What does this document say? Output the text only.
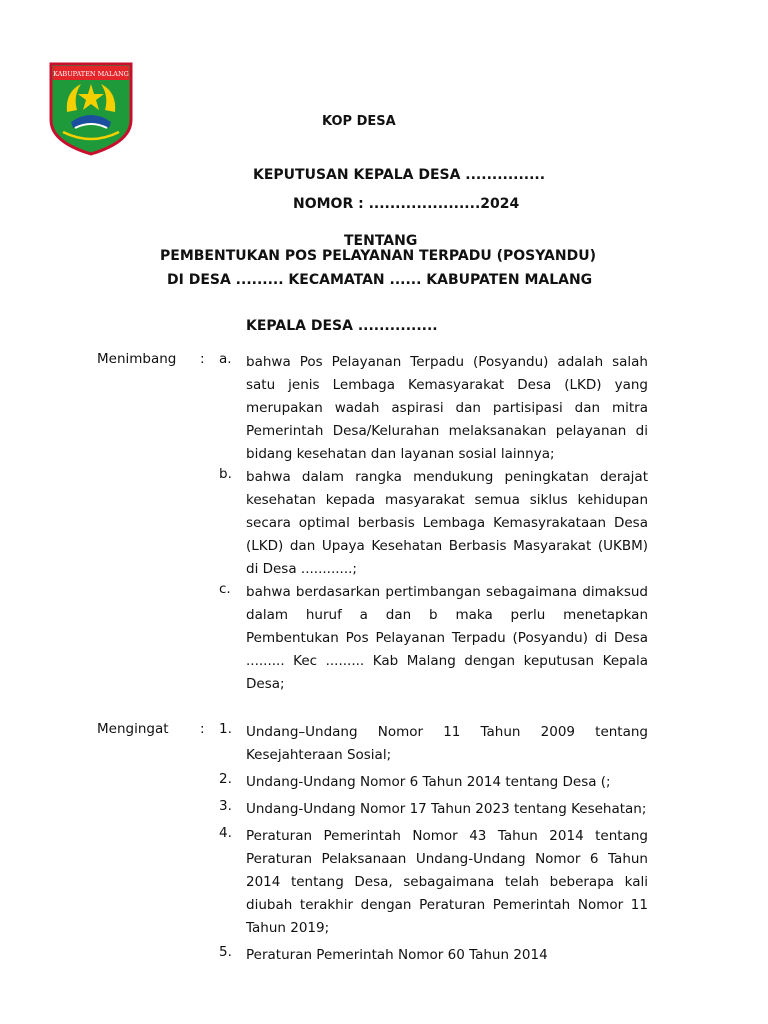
KABUPATEN MALANG
KOP DESA
KEPUTUSAN KEPALA DESA ...............
NOMOR : .....................2024
TENTANG
PEMBENTUKAN POS PELAYANAN TERPADU (POSYANDU)
DI DESA ......... KECAMATAN ...... KABUPATEN MALANG
KEPALA DESA ...............
Menimbang : a. bahwa Pos Pelayanan Terpadu (Posyandu) adalah salah satu jenis Lembaga Kemasyarakat Desa (LKD) yang merupakan wadah aspirasi dan partisipasi dan mitra Pemerintah Desa/Kelurahan melaksanakan pelayanan di bidang kesehatan dan layanan sosial lainnya;

b. bahwa dalam rangka mendukung peningkatan derajat kesehatan kepada masyarakat semua siklus kehidupan secara optimal berbasis Lembaga Kemasyrakataan Desa (LKD) dan Upaya Kesehatan Berbasis Masyarakat (UKBM) di Desa ............;

c. bahwa berdasarkan pertimbangan sebagaimana dimaksud dalam huruf a dan b maka perlu menetapkan Pembentukan Pos Pelayanan Terpadu (Posyandu) di Desa ......... Kec ......... Kab Malang dengan keputusan Kepala Desa;

Mengingat : 1. Undang–Undang Nomor 11 Tahun 2009 tentang Kesejahteraan Sosial;

2. Undang-Undang Nomor 6 Tahun 2014 tentang Desa (;

3. Undang-Undang Nomor 17 Tahun 2023 tentang Kesehatan;

4. Peraturan Pemerintah Nomor 43 Tahun 2014 tentang Peraturan Pelaksanaan Undang-Undang Nomor 6 Tahun 2014 tentang Desa, sebagaimana telah beberapa kali diubah terakhir dengan Peraturan Pemerintah Nomor 11 Tahun 2019;

5. Peraturan Pemerintah Nomor 60 Tahun 2014
